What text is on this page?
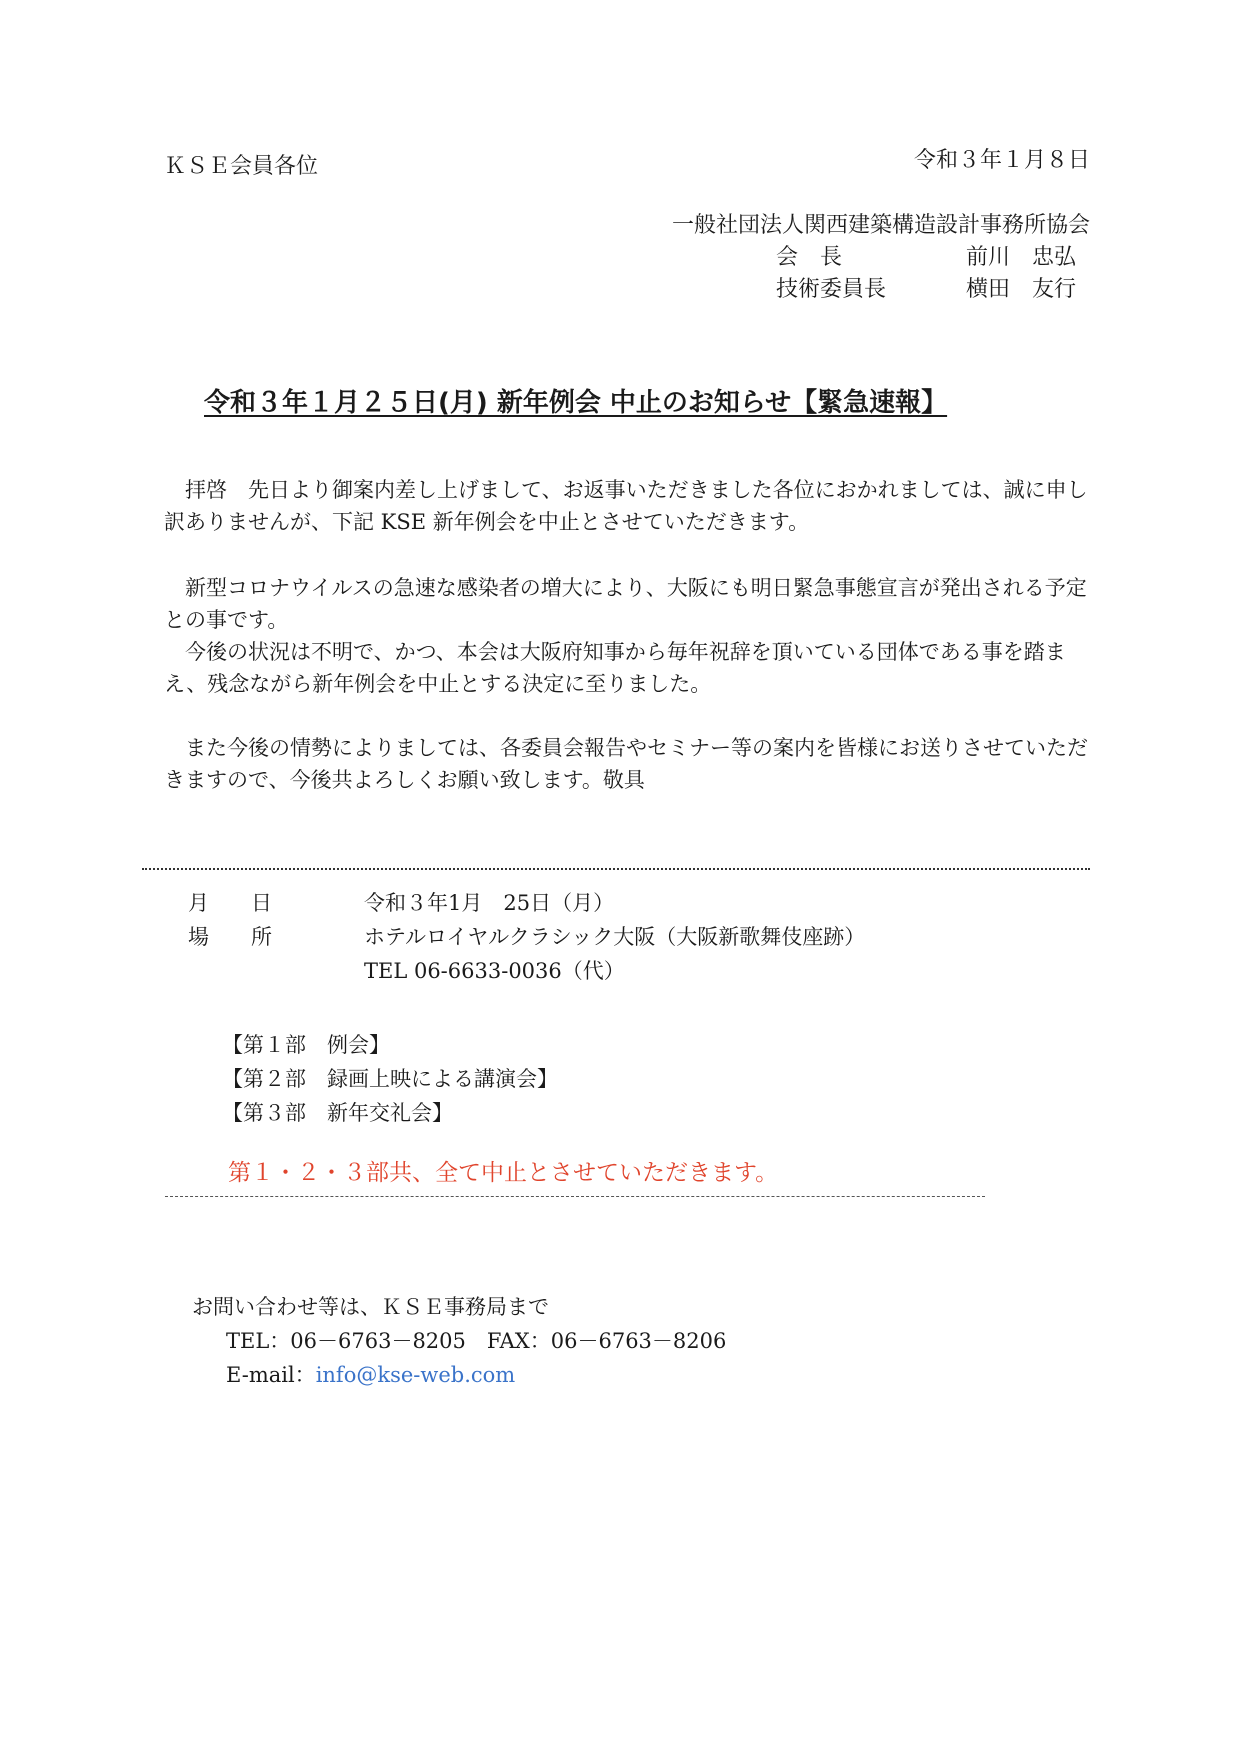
ＫＳＥ会員各位	令和３年１月８日
一般社団法人関西建築構造設計事務所協会
会　長	前川　忠弘
技術委員長	横田　友行
令和３年１月２５日(月) 新年例会 中止のお知らせ【緊急速報】
拝啓　先日より御案内差し上げまして、お返事いただきました各位におかれましては、誠に申し訳ありませんが、下記 KSE 新年例会を中止とさせていただきます。
新型コロナウイルスの急速な感染者の増大により、大阪にも明日緊急事態宣言が発出される予定との事です。
今後の状況は不明で、かつ、本会は大阪府知事から毎年祝辞を頂いている団体である事を踏まえ、残念ながら新年例会を中止とする決定に至りました。
また今後の情勢によりましては、各委員会報告やセミナー等の案内を皆様にお送りさせていただきますので、今後共よろしくお願い致します。敬具
月　　日	令和３年1月　25日（月）
場　　所	ホテルロイヤルクラシック大阪（大阪新歌舞伎座跡）
TEL 06-6633-0036（代）
【第１部　例会】
【第２部　録画上映による講演会】
【第３部　新年交礼会】
第１・２・３部共、全て中止とさせていただきます。
お問い合わせ等は、ＫＳＥ事務局まで
TEL：06－6763－8205　FAX：06－6763－8206
E-mail：info@kse-web.com
